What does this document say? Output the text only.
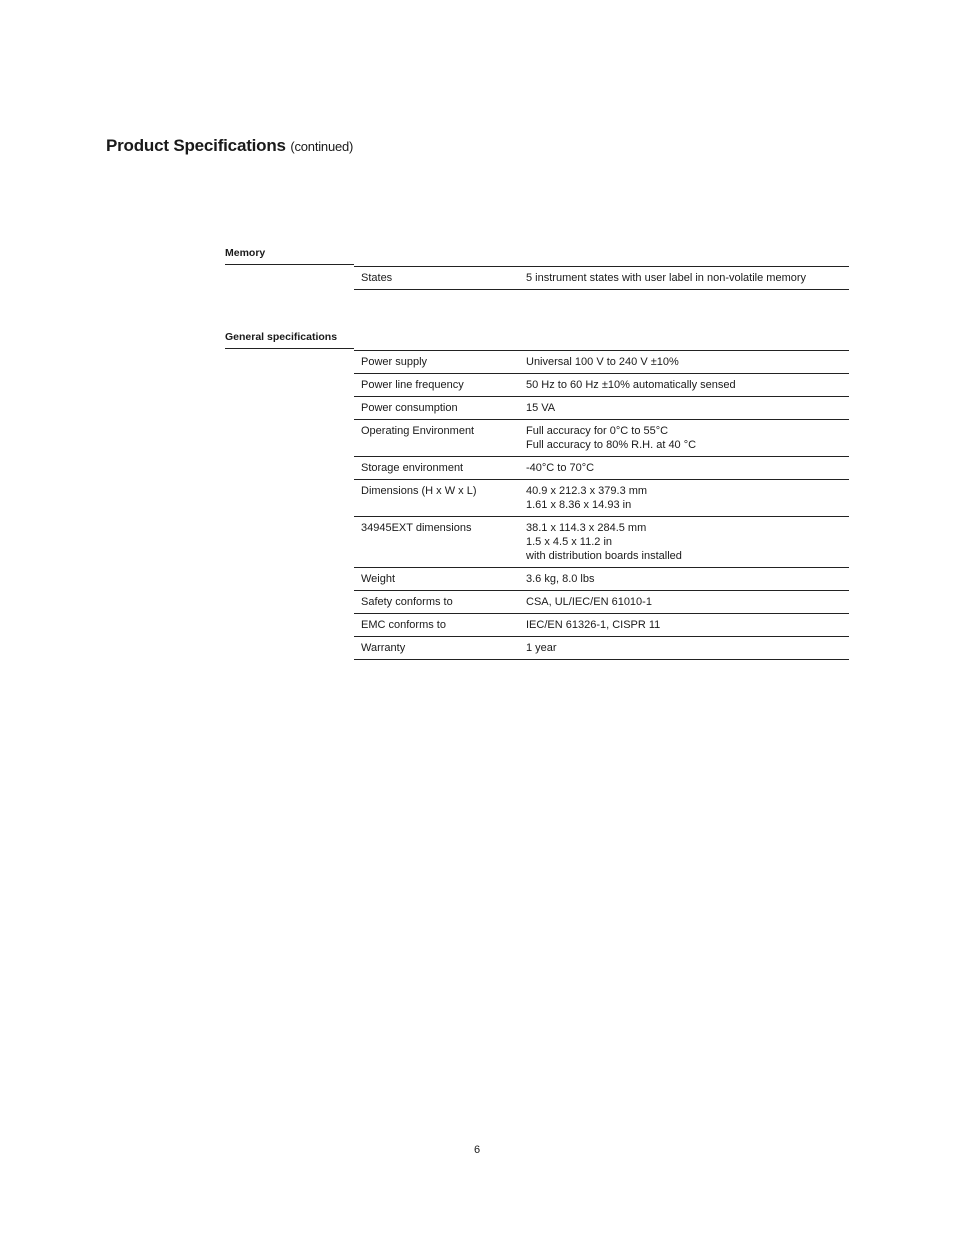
Product Specifications (continued)
Memory
States	5 instrument states with user label in non-volatile memory
General specifications
Power supply	Universal 100 V to 240 V ±10%
Power line frequency	50 Hz to 60 Hz ±10% automatically sensed
Power consumption	15 VA
Operating Environment	Full accuracy for 0°C to 55°C
Full accuracy to 80% R.H. at 40 °C
Storage environment	-40°C to 70°C
Dimensions (H x W x L)	40.9 x 212.3 x 379.3 mm
1.61 x 8.36 x 14.93 in
34945EXT dimensions	38.1 x 114.3 x 284.5 mm
1.5 x 4.5 x 11.2 in
with distribution boards installed
Weight	3.6 kg, 8.0 lbs
Safety conforms to	CSA, UL/IEC/EN 61010-1
EMC conforms to	IEC/EN 61326-1, CISPR 11
Warranty	1 year
6
